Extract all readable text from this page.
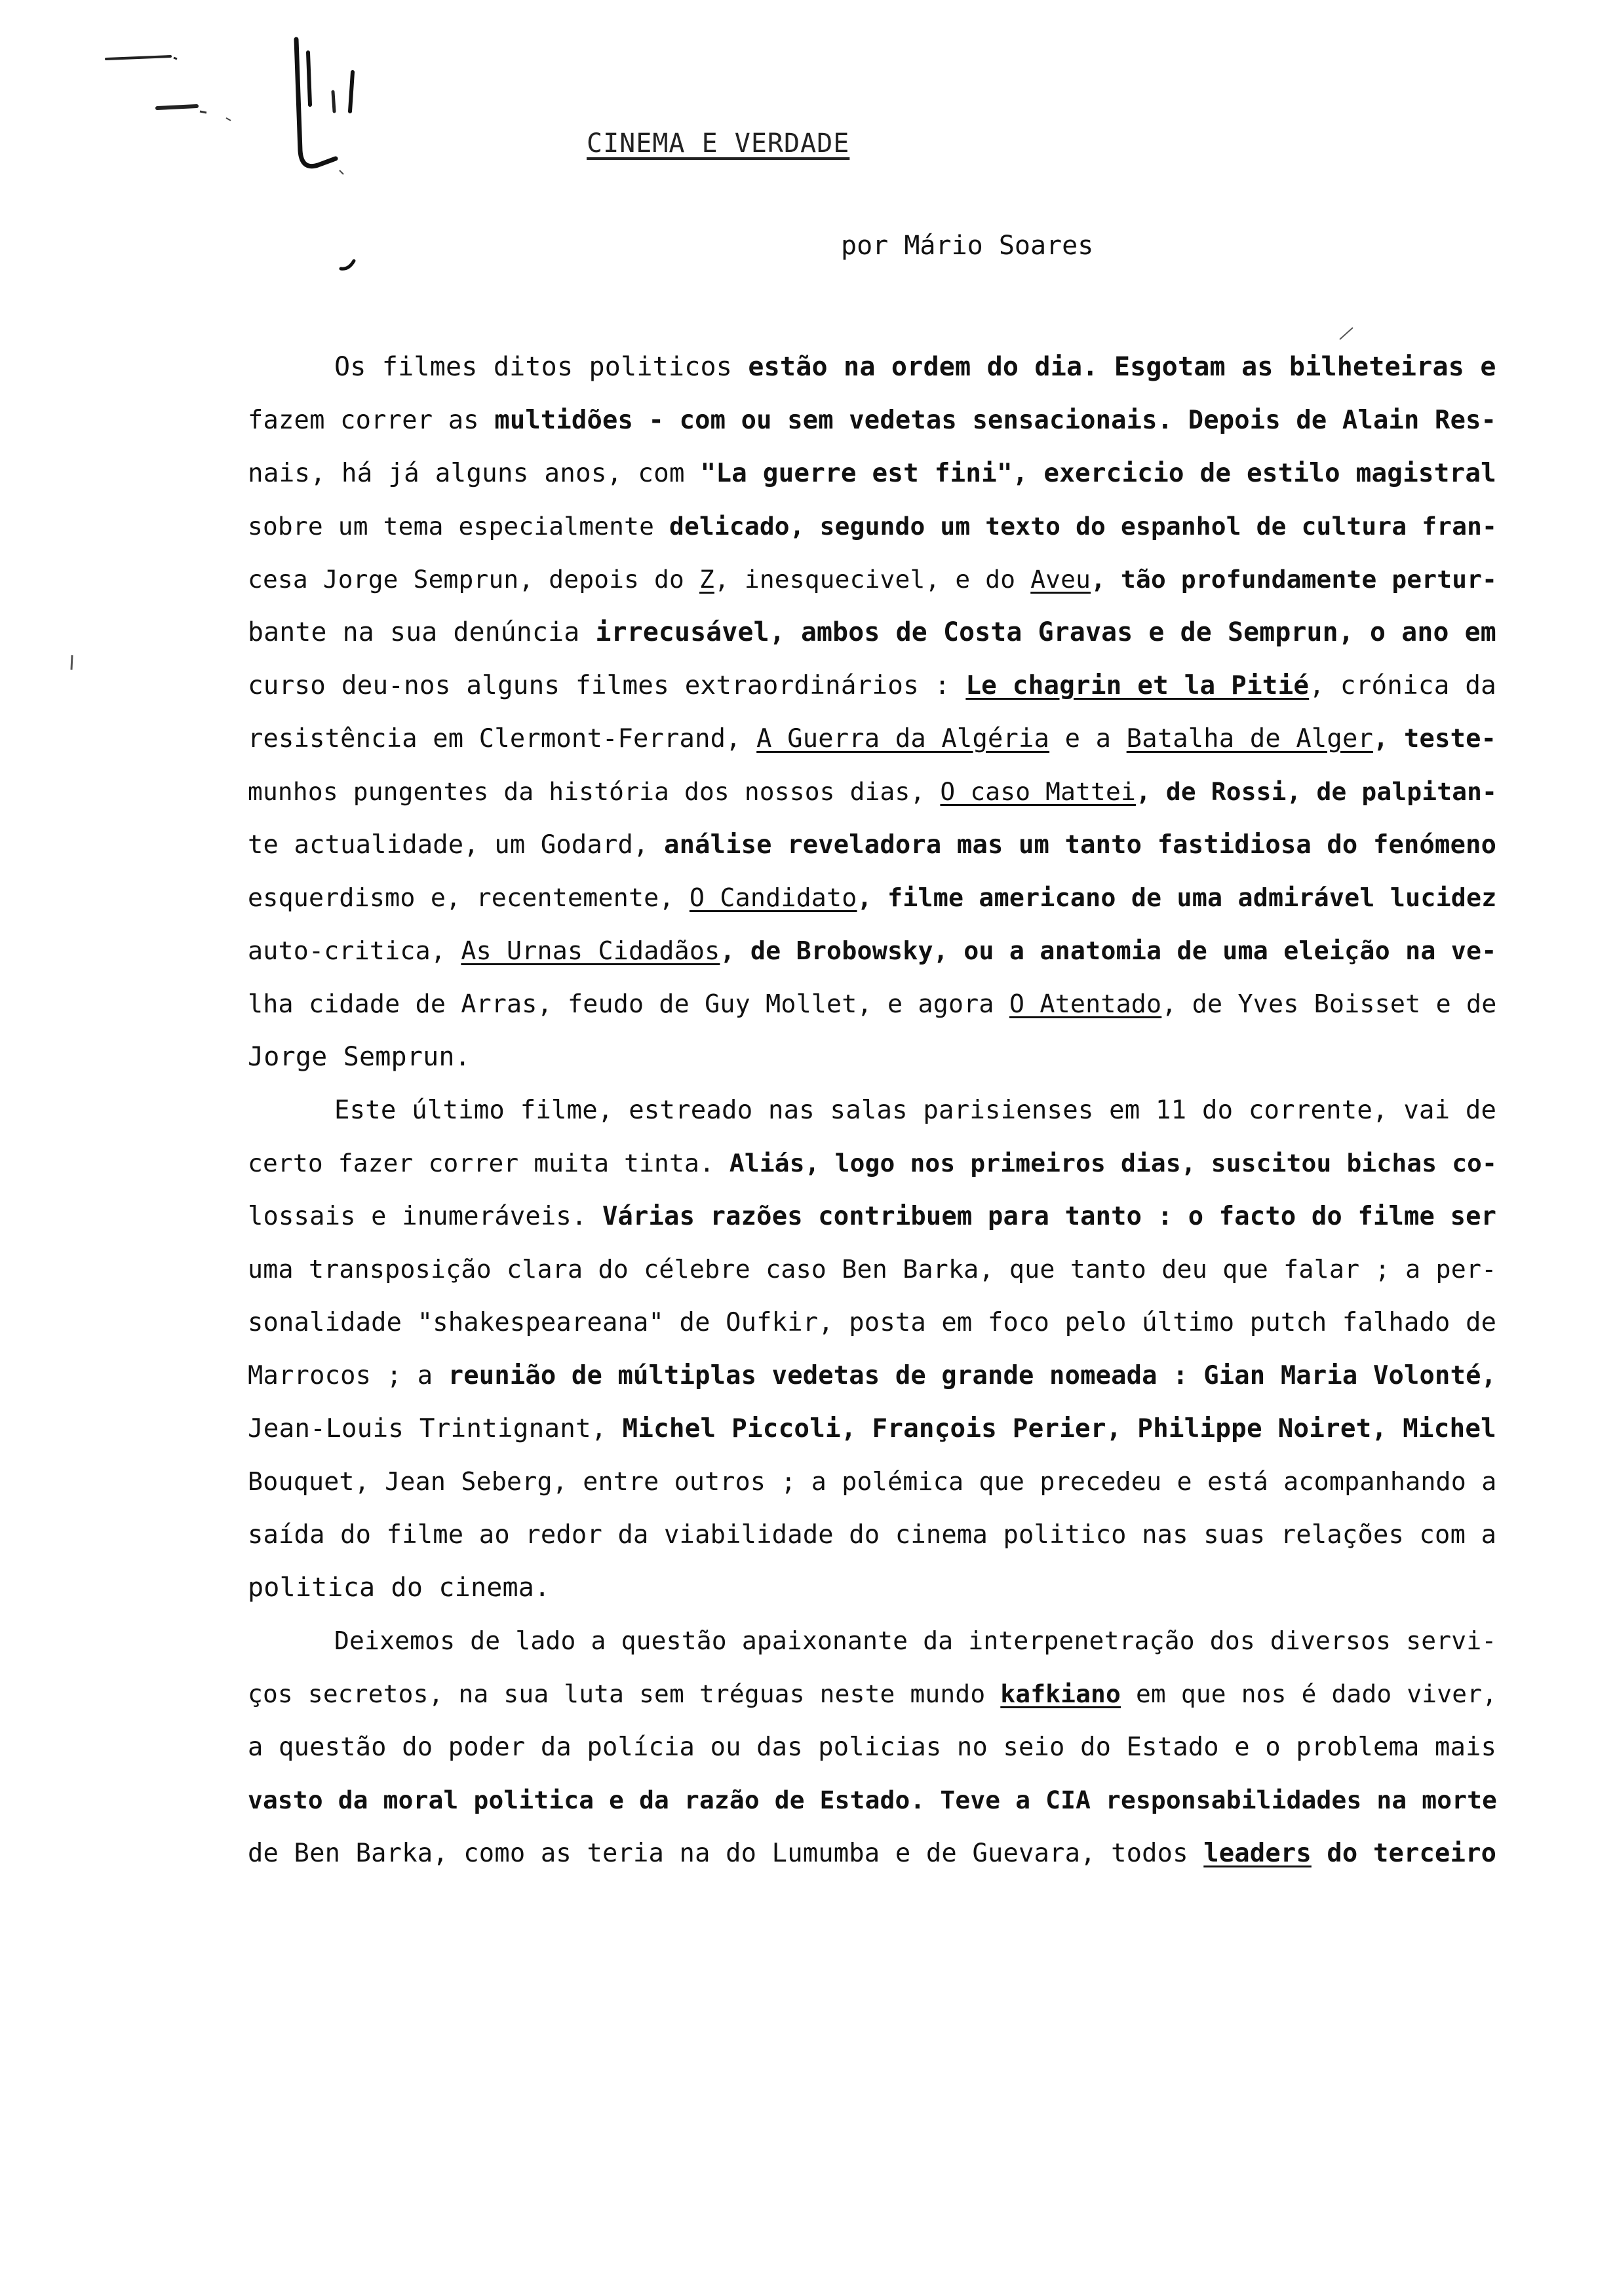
CINEMA E VERDADE
por Mário Soares
Os filmes ditos politicos estão na ordem do dia. Esgotam as bilheteiras e
fazem correr as multidões - com ou sem vedetas sensacionais. Depois de Alain Res-
nais, há já alguns anos, com "La guerre est fini", exercicio de estilo magistral
sobre um tema especialmente delicado, segundo um texto do espanhol de cultura fran-
cesa Jorge Semprun, depois do Z, inesquecivel, e do Aveu, tão profundamente pertur-
bante na sua denúncia irrecusável, ambos de Costa Gravas e de Semprun, o ano em
curso deu-nos alguns filmes extraordinários : Le chagrin et la Pitié, crónica da
resistência em Clermont-Ferrand, A Guerra da Algéria e a Batalha de Alger, teste-
munhos pungentes da história dos nossos dias, O caso Mattei, de Rossi, de palpitan-
te actualidade, um Godard, análise reveladora mas um tanto fastidiosa do fenómeno
esquerdismo e, recentemente, O Candidato, filme americano de uma admirável lucidez
auto-critica, As Urnas Cidadãos, de Brobowsky, ou a anatomia de uma eleição na ve-
lha cidade de Arras, feudo de Guy Mollet, e agora O Atentado, de Yves Boisset e de
Jorge Semprun.
Este último filme, estreado nas salas parisienses em 11 do corrente, vai de
certo fazer correr muita tinta. Aliás, logo nos primeiros dias, suscitou bichas co-
lossais e inumeráveis. Várias razões contribuem para tanto : o facto do filme ser
uma transposição clara do célebre caso Ben Barka, que tanto deu que falar ; a per-
sonalidade "shakespeareana" de Oufkir, posta em foco pelo último putch falhado de
Marrocos ; a reunião de múltiplas vedetas de grande nomeada : Gian Maria Volonté,
Jean-Louis Trintignant, Michel Piccoli, François Perier, Philippe Noiret, Michel
Bouquet, Jean Seberg, entre outros ; a polémica que precedeu e está acompanhando a
saída do filme ao redor da viabilidade do cinema politico nas suas relações com a
politica do cinema.
Deixemos de lado a questão apaixonante da interpenetração dos diversos servi-
ços secretos, na sua luta sem tréguas neste mundo kafkiano em que nos é dado viver,
a questão do poder da polícia ou das policias no seio do Estado e o problema mais
vasto da moral politica e da razão de Estado. Teve a CIA responsabilidades na morte
de Ben Barka, como as teria na do Lumumba e de Guevara, todos leaders do terceiro
